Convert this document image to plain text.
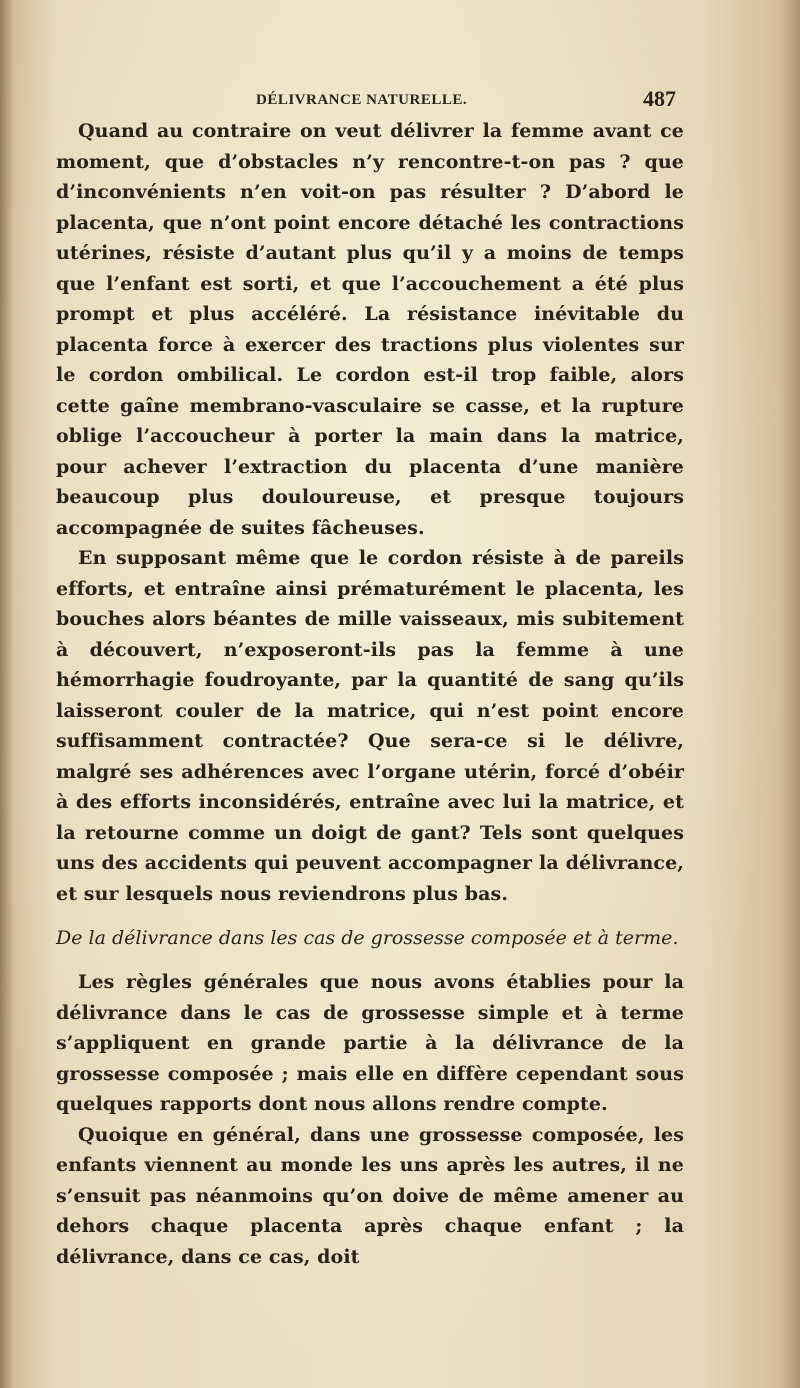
DÉLIVRANCE NATURELLE.	487

Quand au contraire on veut délivrer la femme avant ce moment, que d’obstacles n’y rencontre-t-on pas ? que d’inconvénients n’en voit-on pas résulter ? D’abord le placenta, que n’ont point encore détaché les contractions utérines, résiste d’autant plus qu’il y a moins de temps que l’enfant est sorti, et que l’accouchement a été plus prompt et plus accéléré. La résistance inévitable du placenta force à exercer des tractions plus violentes sur le cordon ombilical. Le cordon est-il trop faible, alors cette gaîne membrano-vasculaire se casse, et la rupture oblige l’accoucheur à porter la main dans la matrice, pour achever l’extraction du placenta d’une manière beaucoup plus douloureuse, et presque toujours accompagnée de suites fâcheuses.

En supposant même que le cordon résiste à de pareils efforts, et entraîne ainsi prématurément le placenta, les bouches alors béantes de mille vaisseaux, mis subitement à découvert, n’exposeront-ils pas la femme à une hémorrhagie foudroyante, par la quantité de sang qu’ils laisseront couler de la matrice, qui n’est point encore suffisamment contractée? Que sera-ce si le délivre, malgré ses adhérences avec l’organe utérin, forcé d’obéir à des efforts inconsidérés, entraîne avec lui la matrice, et la retourne comme un doigt de gant? Tels sont quelques uns des accidents qui peuvent accompagner la délivrance, et sur lesquels nous reviendrons plus bas.

De la délivrance dans les cas de grossesse composée et à terme.

Les règles générales que nous avons établies pour la délivrance dans le cas de grossesse simple et à terme s’appliquent en grande partie à la délivrance de la grossesse composée ; mais elle en diffère cependant sous quelques rapports dont nous allons rendre compte.

Quoique en général, dans une grossesse composée, les enfants viennent au monde les uns après les autres, il ne s’ensuit pas néanmoins qu’on doive de même amener au dehors chaque placenta après chaque enfant ; la délivrance, dans ce cas, doit
